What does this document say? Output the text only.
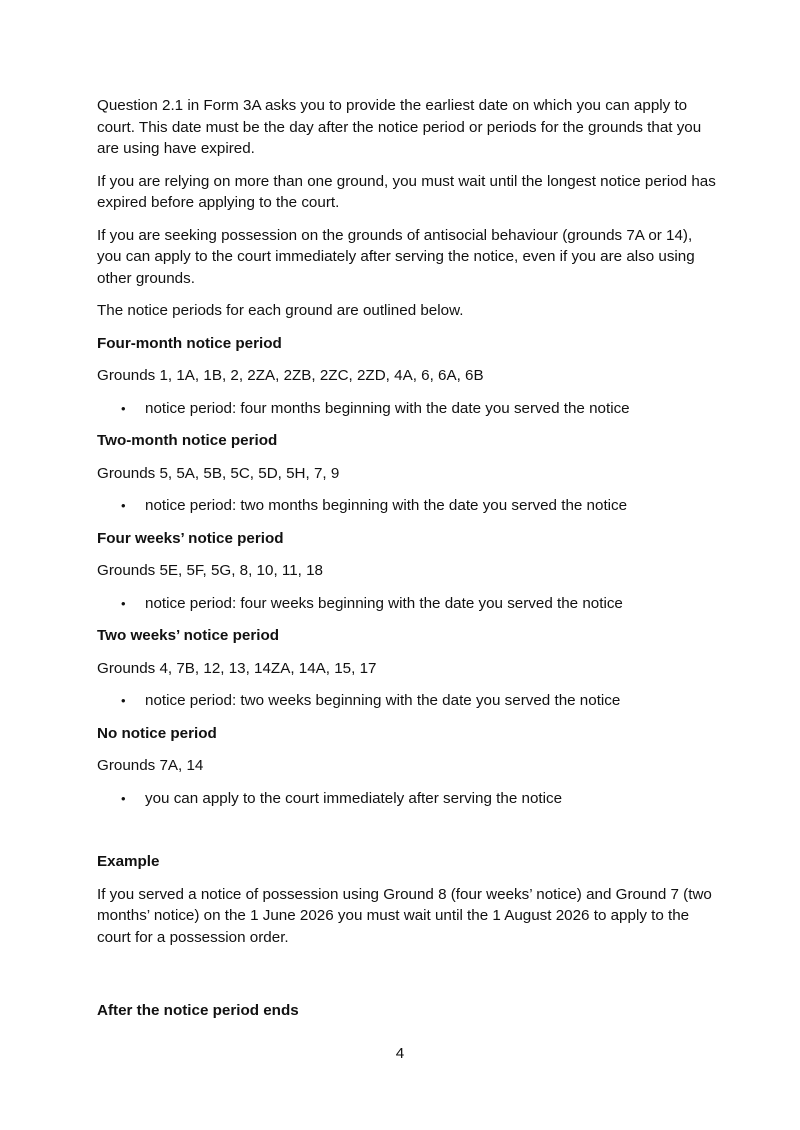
Question 2.1 in Form 3A asks you to provide the earliest date on which you can apply to court. This date must be the day after the notice period or periods for the grounds that you are using have expired.

If you are relying on more than one ground, you must wait until the longest notice period has expired before applying to the court.

If you are seeking possession on the grounds of antisocial behaviour (grounds 7A or 14), you can apply to the court immediately after serving the notice, even if you are also using other grounds.

The notice periods for each ground are outlined below.

Four-month notice period

Grounds 1, 1A, 1B, 2, 2ZA, 2ZB, 2ZC, 2ZD, 4A, 6, 6A, 6B

• notice period: four months beginning with the date you served the notice

Two-month notice period

Grounds 5, 5A, 5B, 5C, 5D, 5H, 7, 9

• notice period: two months beginning with the date you served the notice

Four weeks’ notice period

Grounds 5E, 5F, 5G, 8, 10, 11, 18

• notice period: four weeks beginning with the date you served the notice

Two weeks’ notice period

Grounds 4, 7B, 12, 13, 14ZA, 14A, 15, 17

• notice period: two weeks beginning with the date you served the notice

No notice period

Grounds 7A, 14

• you can apply to the court immediately after serving the notice

Example

If you served a notice of possession using Ground 8 (four weeks’ notice) and Ground 7 (two months’ notice) on the 1 June 2026 you must wait until the 1 August 2026 to apply to the court for a possession order.

After the notice period ends

4
